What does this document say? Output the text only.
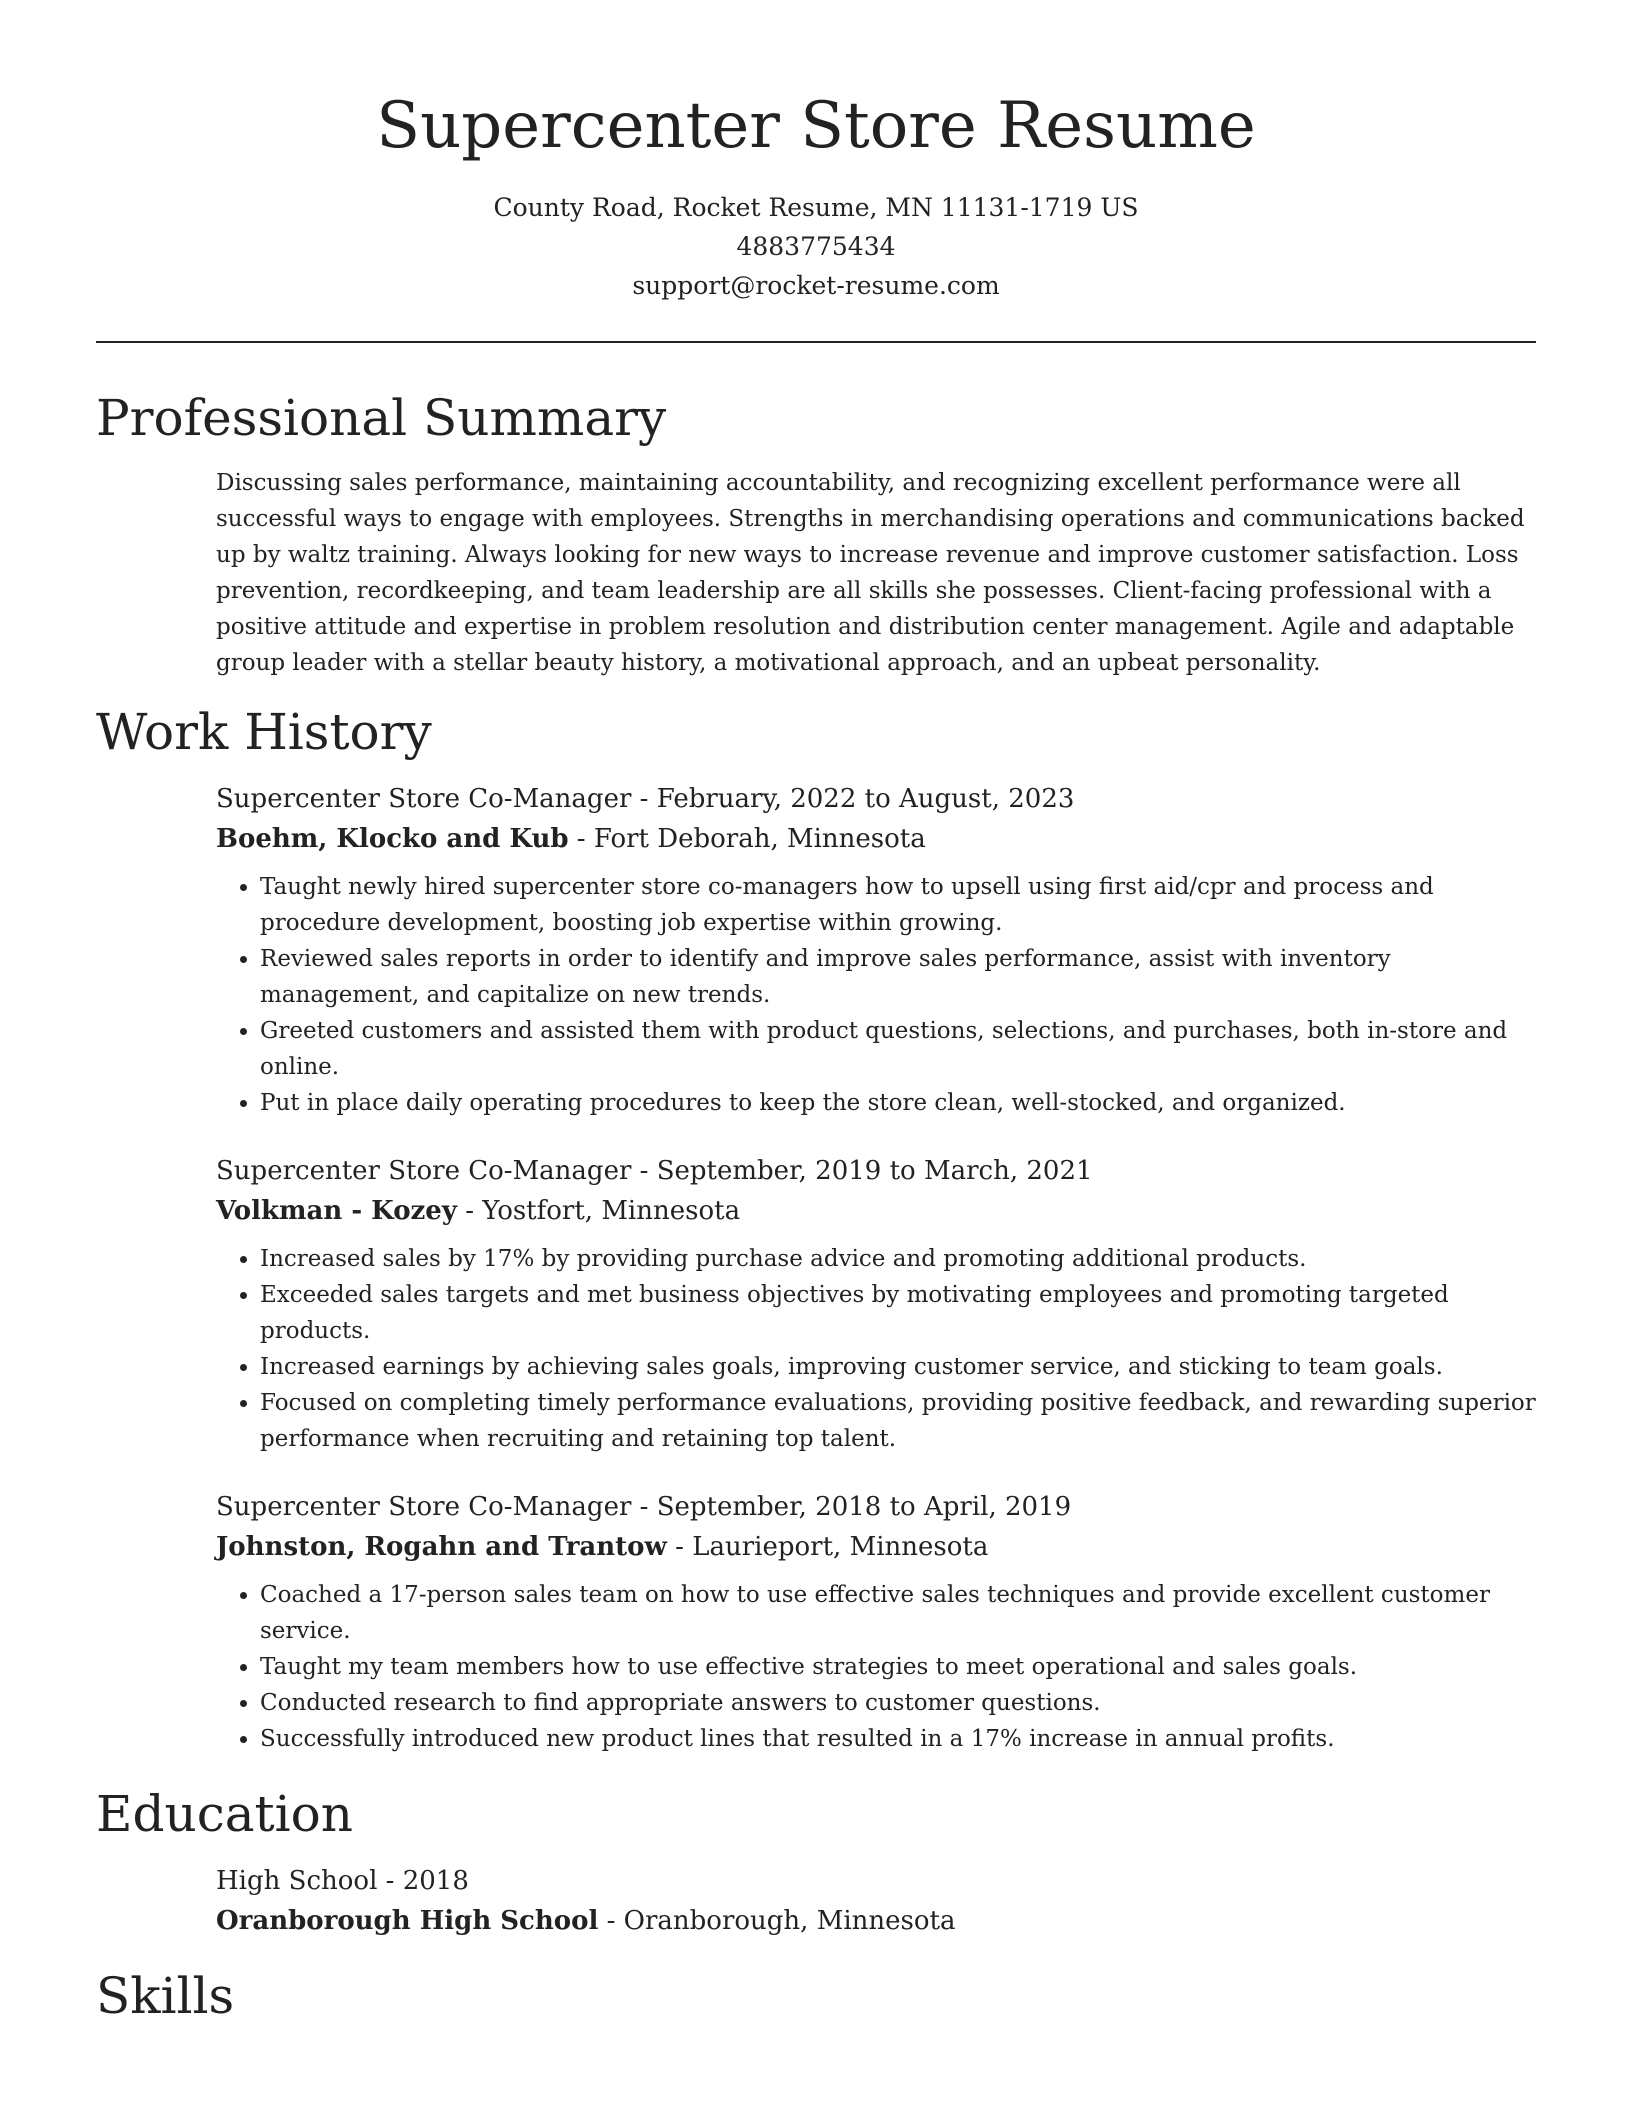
Supercenter Store Resume
County Road, Rocket Resume, MN 11131-1719 US
4883775434
support@rocket-resume.com
Professional Summary
Discussing sales performance, maintaining accountability, and recognizing excellent performance were all successful ways to engage with employees. Strengths in merchandising operations and communications backed up by waltz training. Always looking for new ways to increase revenue and improve customer satisfaction. Loss prevention, recordkeeping, and team leadership are all skills she possesses. Client-facing professional with a positive attitude and expertise in problem resolution and distribution center management. Agile and adaptable group leader with a stellar beauty history, a motivational approach, and an upbeat personality.
Work History
Supercenter Store Co-Manager - February, 2022 to August, 2023
Boehm, Klocko and Kub - Fort Deborah, Minnesota
• Taught newly hired supercenter store co-managers how to upsell using first aid/cpr and process and procedure development, boosting job expertise within growing.
• Reviewed sales reports in order to identify and improve sales performance, assist with inventory management, and capitalize on new trends.
• Greeted customers and assisted them with product questions, selections, and purchases, both in-store and online.
• Put in place daily operating procedures to keep the store clean, well-stocked, and organized.
Supercenter Store Co-Manager - September, 2019 to March, 2021
Volkman - Kozey - Yostfort, Minnesota
• Increased sales by 17% by providing purchase advice and promoting additional products.
• Exceeded sales targets and met business objectives by motivating employees and promoting targeted products.
• Increased earnings by achieving sales goals, improving customer service, and sticking to team goals.
• Focused on completing timely performance evaluations, providing positive feedback, and rewarding superior performance when recruiting and retaining top talent.
Supercenter Store Co-Manager - September, 2018 to April, 2019
Johnston, Rogahn and Trantow - Laurieport, Minnesota
• Coached a 17-person sales team on how to use effective sales techniques and provide excellent customer service.
• Taught my team members how to use effective strategies to meet operational and sales goals.
• Conducted research to find appropriate answers to customer questions.
• Successfully introduced new product lines that resulted in a 17% increase in annual profits.
Education
High School - 2018
Oranborough High School - Oranborough, Minnesota
Skills
